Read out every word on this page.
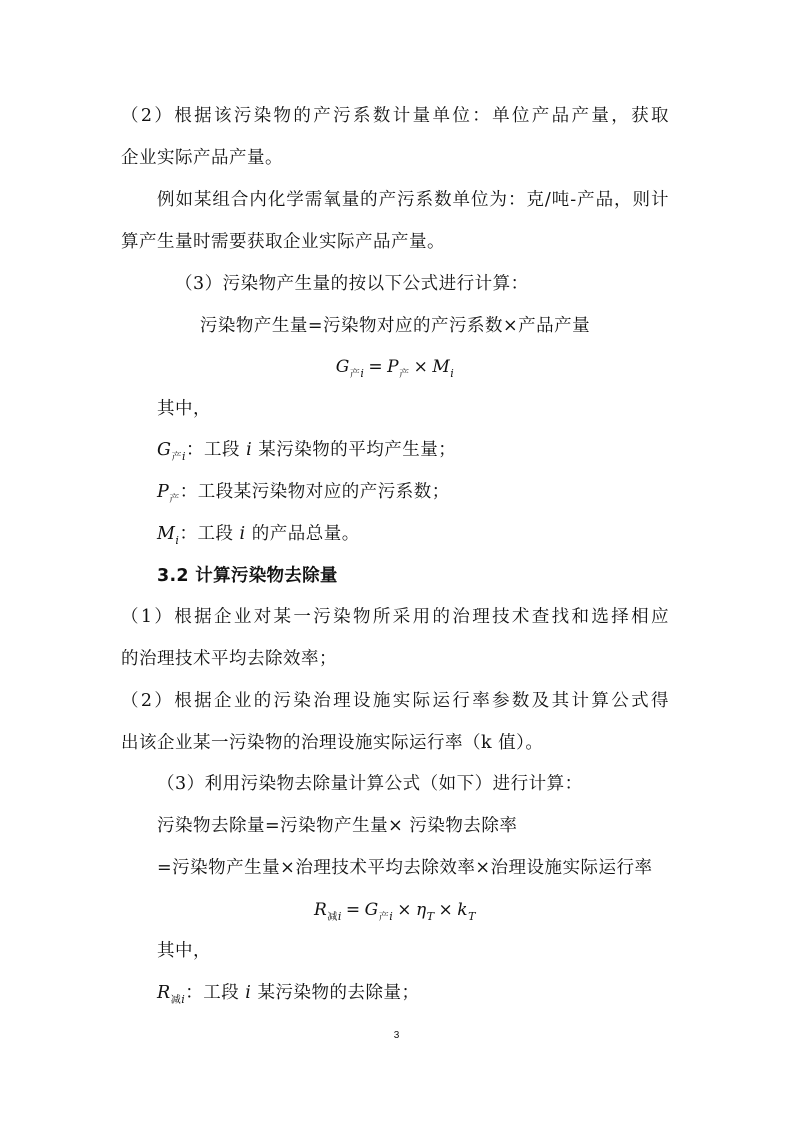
（2）根据该污染物的产污系数计量单位：单位产品产量，获取
企业实际产品产量。
例如某组合内化学需氧量的产污系数单位为：克/吨-产品，则计
算产生量时需要获取企业实际产品产量。
（3）污染物产生量的按以下公式进行计算：
污染物产生量=污染物对应的产污系数×产品产量
$G_{产i} = P_产 \times M_i$
其中，
$G_{产i}$：工段 i 某污染物的平均产生量；
$P_产$：工段某污染物对应的产污系数；
$M_i$：工段 i 的产品总量。
3.2 计算污染物去除量
（1）根据企业对某一污染物所采用的治理技术查找和选择相应
的治理技术平均去除效率；
（2）根据企业的污染治理设施实际运行率参数及其计算公式得
出该企业某一污染物的治理设施实际运行率（k 值）。
（3）利用污染物去除量计算公式（如下）进行计算：
污染物去除量=污染物产生量× 污染物去除率
=污染物产生量×治理技术平均去除效率×治理设施实际运行率
$R_{减i} = G_{产i} \times \eta_T \times k_T$
其中，
$R_{减i}$：工段 i 某污染物的去除量；
3
